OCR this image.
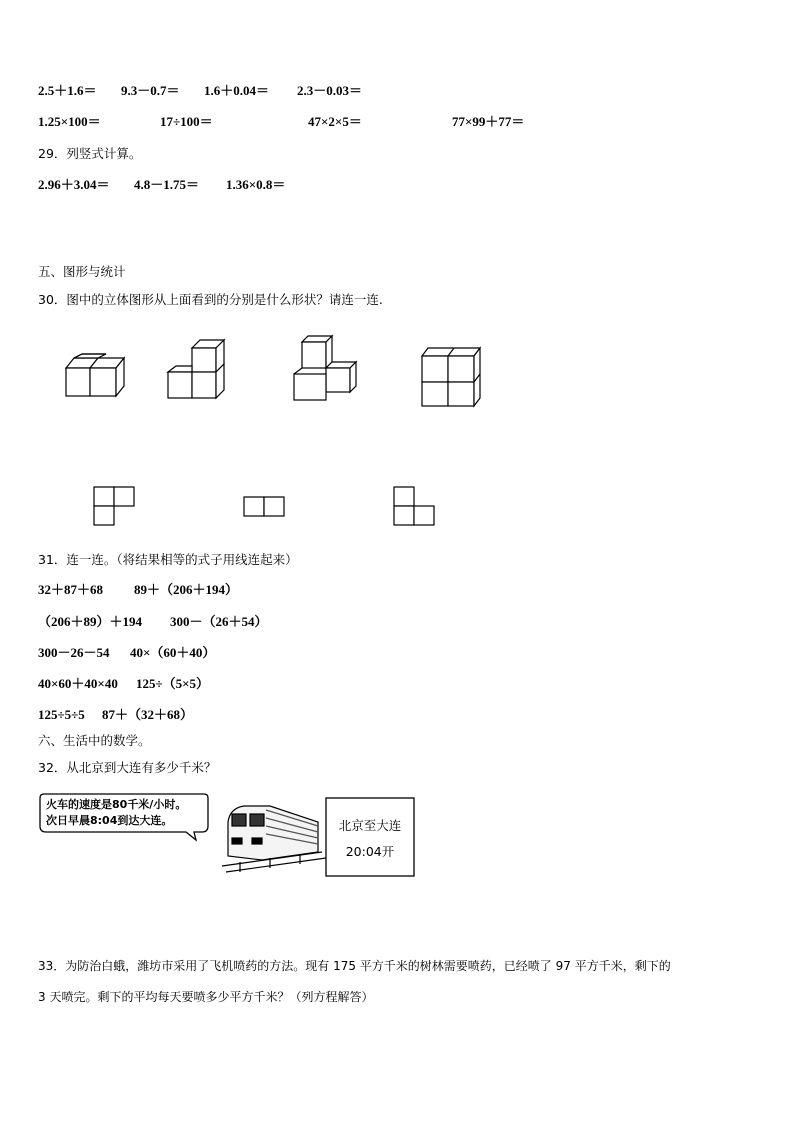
2.5＋1.6＝ 9.3－0.7＝ 1.6＋0.04＝ 2.3－0.03＝
1.25×100＝	17÷100＝	47×2×5＝	77×99＋77＝
29．列竖式计算。
2.96＋3.04＝ 4.8－1.75＝ 1.36×0.8＝
五、图形与统计
30．图中的立体图形从上面看到的分别是什么形状？请连一连.
31．连一连。（将结果相等的式子用线连起来）
32＋87＋68 89＋（206＋194）
（206＋89）＋194 300－（26＋54）
300－26－54 40×（60＋40）
40×60＋40×40 125÷（5×5）
125÷5÷5 87＋（32＋68）
六、生活中的数学。
32．从北京到大连有多少千米？
火车的速度是80千米/小时。
次日早晨8:04到达大连。	北京至大连
20:04开
33．为防治白蛾，潍坊市采用了飞机喷药的方法。现有 175 平方千米的树林需要喷药，已经喷了 97 平方千米，剩下的
3 天喷完。剩下的平均每天要喷多少平方千米？（列方程解答）
